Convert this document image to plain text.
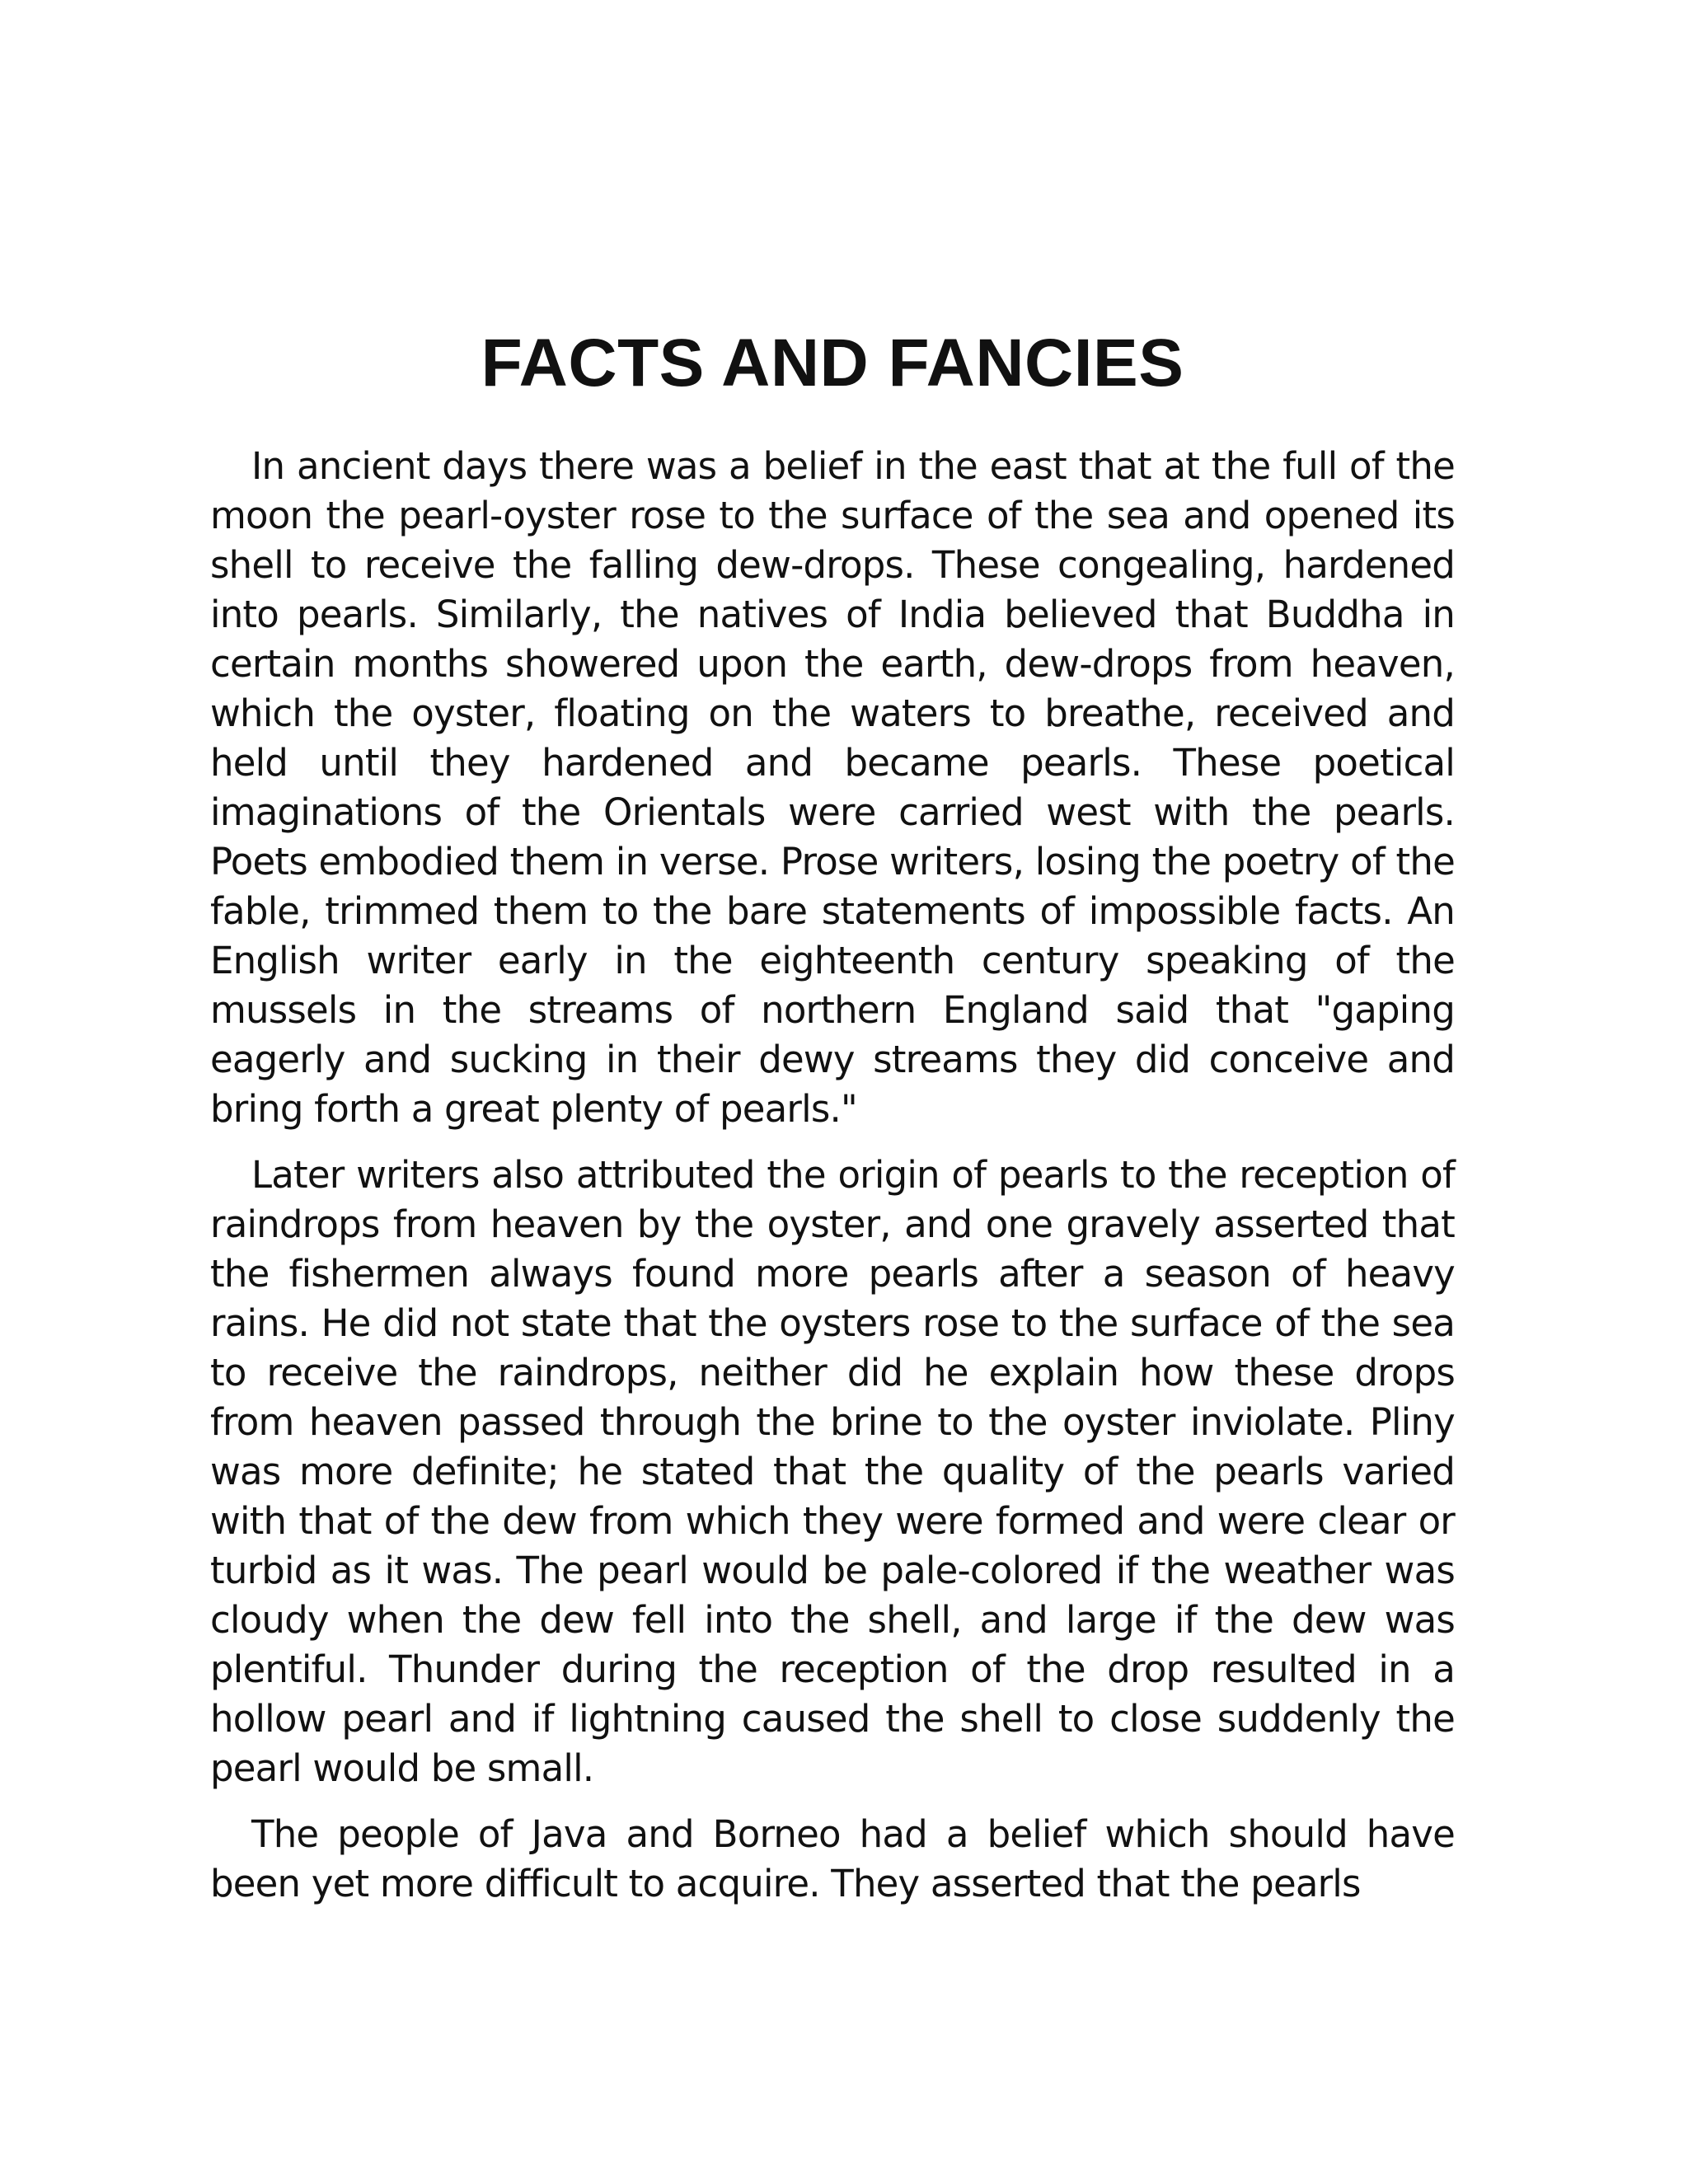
FACTS AND FANCIES

In ancient days there was a belief in the east that at the full of the moon the pearl-oyster rose to the surface of the sea and opened its shell to receive the falling dew-drops. These congealing, hardened into pearls. Similarly, the natives of India believed that Buddha in certain months showered upon the earth, dew-drops from heaven, which the oyster, floating on the waters to breathe, received and held until they hardened and became pearls. These poetical imaginations of the Orientals were carried west with the pearls. Poets embodied them in verse. Prose writers, losing the poetry of the fable, trimmed them to the bare statements of impossible facts. An English writer early in the eighteenth century speaking of the mussels in the streams of northern England said that "gaping eagerly and sucking in their dewy streams they did conceive and bring forth a great plenty of pearls."

Later writers also attributed the origin of pearls to the reception of raindrops from heaven by the oyster, and one gravely asserted that the fishermen always found more pearls after a season of heavy rains. He did not state that the oysters rose to the surface of the sea to receive the raindrops, neither did he explain how these drops from heaven passed through the brine to the oyster inviolate. Pliny was more definite; he stated that the quality of the pearls varied with that of the dew from which they were formed and were clear or turbid as it was. The pearl would be pale-colored if the weather was cloudy when the dew fell into the shell, and large if the dew was plentiful. Thunder during the reception of the drop resulted in a hollow pearl and if lightning caused the shell to close suddenly the pearl would be small.

The people of Java and Borneo had a belief which should have been yet more difficult to acquire. They asserted that the pearls
